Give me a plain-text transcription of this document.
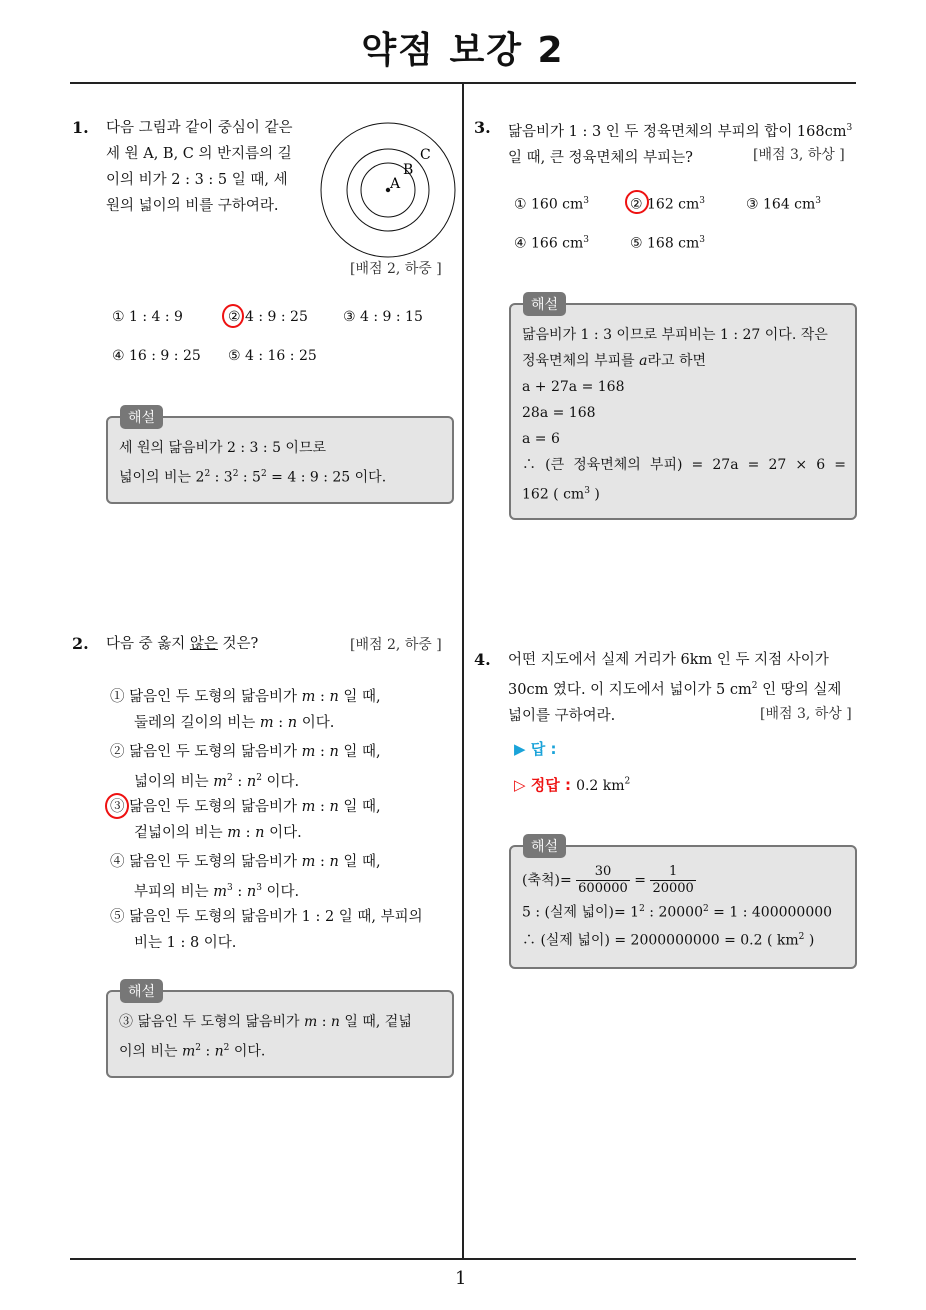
약점 보강 2
1
1. 다음 그림과 같이 중심이 같은
세 원 A, B, C 의 반지름의 길
이의 비가 2 : 3 : 5 일 때, 세
원의 넓이의 비를 구하여라.
A
B
C
[배점 2, 하중 ]
① 1 : 4 : 9	② 4 : 9 : 25	③ 4 : 9 : 15
④ 16 : 9 : 25 ⑤ 4 : 16 : 25
해설
세 원의 닮음비가 2 : 3 : 5 이므로
넓이의 비는 $2^2$ : $3^2$ : $5^2 = 4$ : 9 : 25 이다.
2. 다음 중 옳지 않은 것은?	[배점 2, 하중 ]
① 닮음인 두 도형의 닮음비가 m : n 일 때,
둘레의 길이의 비는 m : n 이다.
② 닮음인 두 도형의 닮음비가 m : n 일 때,
넓이의 비는 $m^2$ : $n^2$ 이다.
③ 닮음인 두 도형의 닮음비가 m : n 일 때,
겉넓이의 비는 m : n 이다.
④ 닮음인 두 도형의 닮음비가 m : n 일 때,
부피의 비는 $m^3$ : $n^3$ 이다.
⑤ 닮음인 두 도형의 닮음비가 1 : 2 일 때, 부피의
비는 1 : 8 이다.
해설
③ 닮음인 두 도형의 닮음비가 m : n 일 때, 겉넓
이의 비는 $m^2$ : $n^2$ 이다.
3. 닮음비가 1 : 3 인 두 정육면체의 부피의 합이 $168cm^3$
일 때, 큰 정육면체의 부피는?	[배점 3, 하상 ]
① 160 $cm^3$	② 162 $cm^3$	③ 164 $cm^3$
④ 166 $cm^3$	⑤ 168 $cm^3$
해설
닮음비가 1 : 3 이므로 부피비는 1 : 27 이다. 작은
정육면체의 부피를 a라고 하면
a + 27a = 168
28a = 168
a = 6
∴ (큰 정육면체의 부피) = 27a = 27 × 6 =
162 ( $cm^3$ )
4. 어떤 지도에서 실제 거리가 6km 인 두 지점 사이가
30cm 였다. 이 지도에서 넓이가 5 $cm^2$ 인 땅의 실제
넓이를 구하여라.	[배점 3, 하상 ]
▶ 답 :
▷ 정답 : 0.2 $km^2$
해설
(축척)= $\frac{30}{600000} = \frac{1}{20000}$
5 : (실제 넓이)= $1^2$ : $20000^2 = 1$ : 400000000
∴ (실제 넓이) = 2000000000 = 0.2 ( $km^2$ )
